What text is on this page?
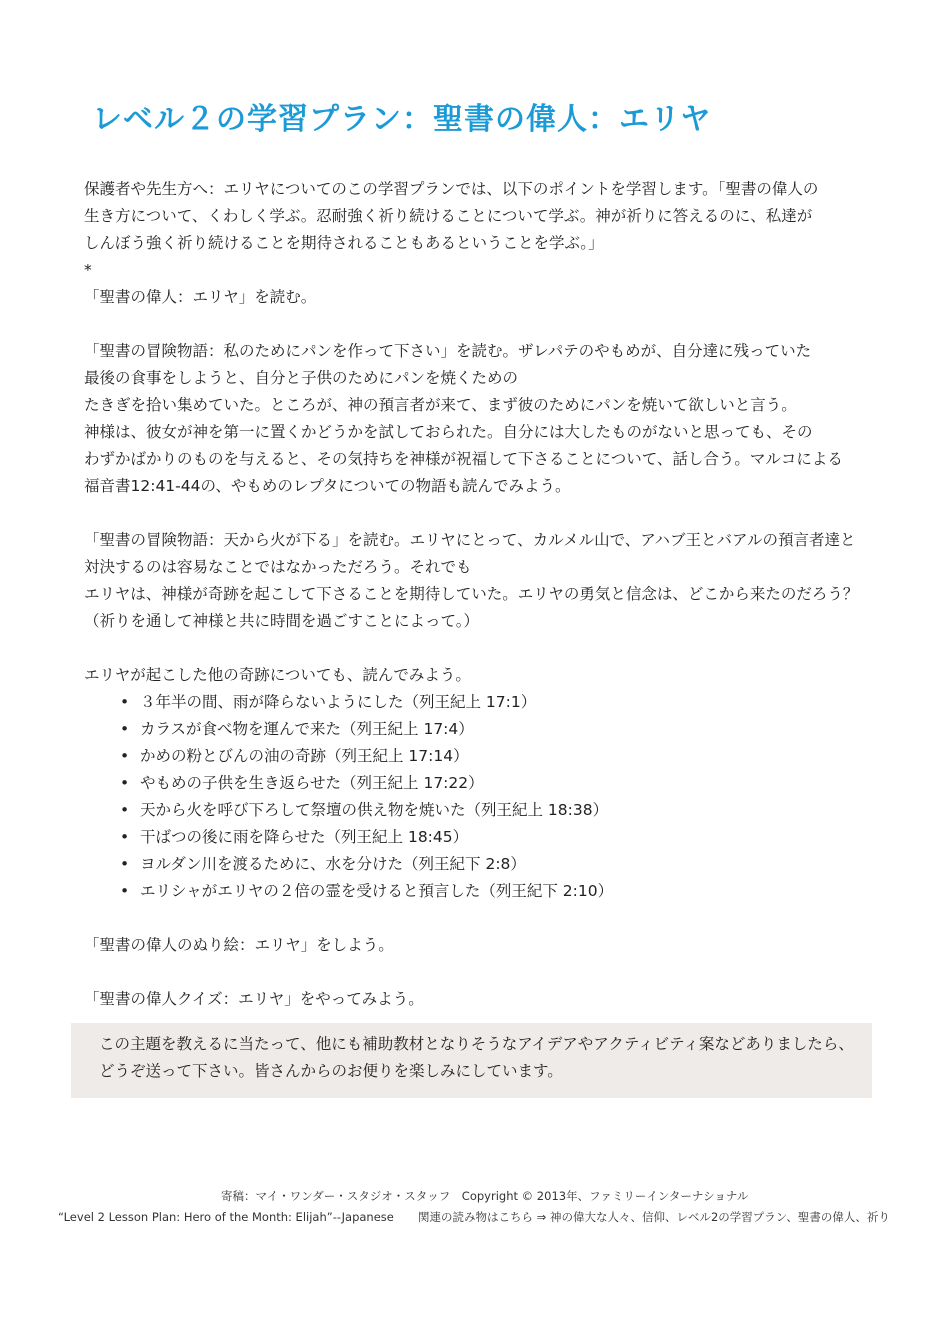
レベル２の学習プラン：聖書の偉人：エリヤ

保護者や先生方へ：エリヤについてのこの学習プランでは、以下のポイントを学習します。「聖書の偉人の

生き方について、くわしく学ぶ。忍耐強く祈り続けることについて学ぶ。神が祈りに答えるのに、私達が

しんぼう強く祈り続けることを期待されることもあるということを学ぶ。」

*

「聖書の偉人：エリヤ」を読む。

「聖書の冒険物語：私のためにパンを作って下さい」を読む。ザレパテのやもめが、自分達に残っていた

最後の食事をしようと、自分と子供のためにパンを焼くための

たきぎを拾い集めていた。ところが、神の預言者が来て、まず彼のためにパンを焼いて欲しいと言う。

神様は、彼女が神を第一に置くかどうかを試しておられた。自分には大したものがないと思っても、その

わずかばかりのものを与えると、その気持ちを神様が祝福して下さることについて、話し合う。マルコによる

福音書12:41-44の、やもめのレプタについての物語も読んでみよう。

「聖書の冒険物語：天から火が下る」を読む。エリヤにとって、カルメル山で、アハブ王とバアルの預言者達と

対決するのは容易なことではなかっただろう。それでも

エリヤは、神様が奇跡を起こして下さることを期待していた。エリヤの勇気と信念は、どこから来たのだろう？

（祈りを通して神様と共に時間を過ごすことによって。）

エリヤが起こした他の奇跡についても、読んでみよう。

• ３年半の間、雨が降らないようにした（列王紀上 17:1）
• カラスが食べ物を運んで来た（列王紀上 17:4）
• かめの粉とびんの油の奇跡（列王紀上 17:14）
• やもめの子供を生き返らせた（列王紀上 17:22）
• 天から火を呼び下ろして祭壇の供え物を焼いた（列王紀上 18:38）
• 干ばつの後に雨を降らせた（列王紀上 18:45）
• ヨルダン川を渡るために、水を分けた（列王紀下 2:8）
• エリシャがエリヤの２倍の霊を受けると預言した（列王紀下 2:10）

「聖書の偉人のぬり絵：エリヤ」をしよう。

「聖書の偉人クイズ：エリヤ」をやってみよう。

この主題を教えるに当たって、他にも補助教材となりそうなアイデアやアクティビティ案などありましたら、

どうぞ送って下さい。皆さんからのお便りを楽しみにしています。

寄稿：マイ・ワンダー・スタジオ・スタッフ　Copyright © 2013年、ファミリーインターナショナル
“Level 2 Lesson Plan: Hero of the Month: Elijah”--Japanese 関連の読み物はこちら ⇒ 神の偉大な人々、信仰、レベル2の学習プラン、聖書の偉人、祈り
